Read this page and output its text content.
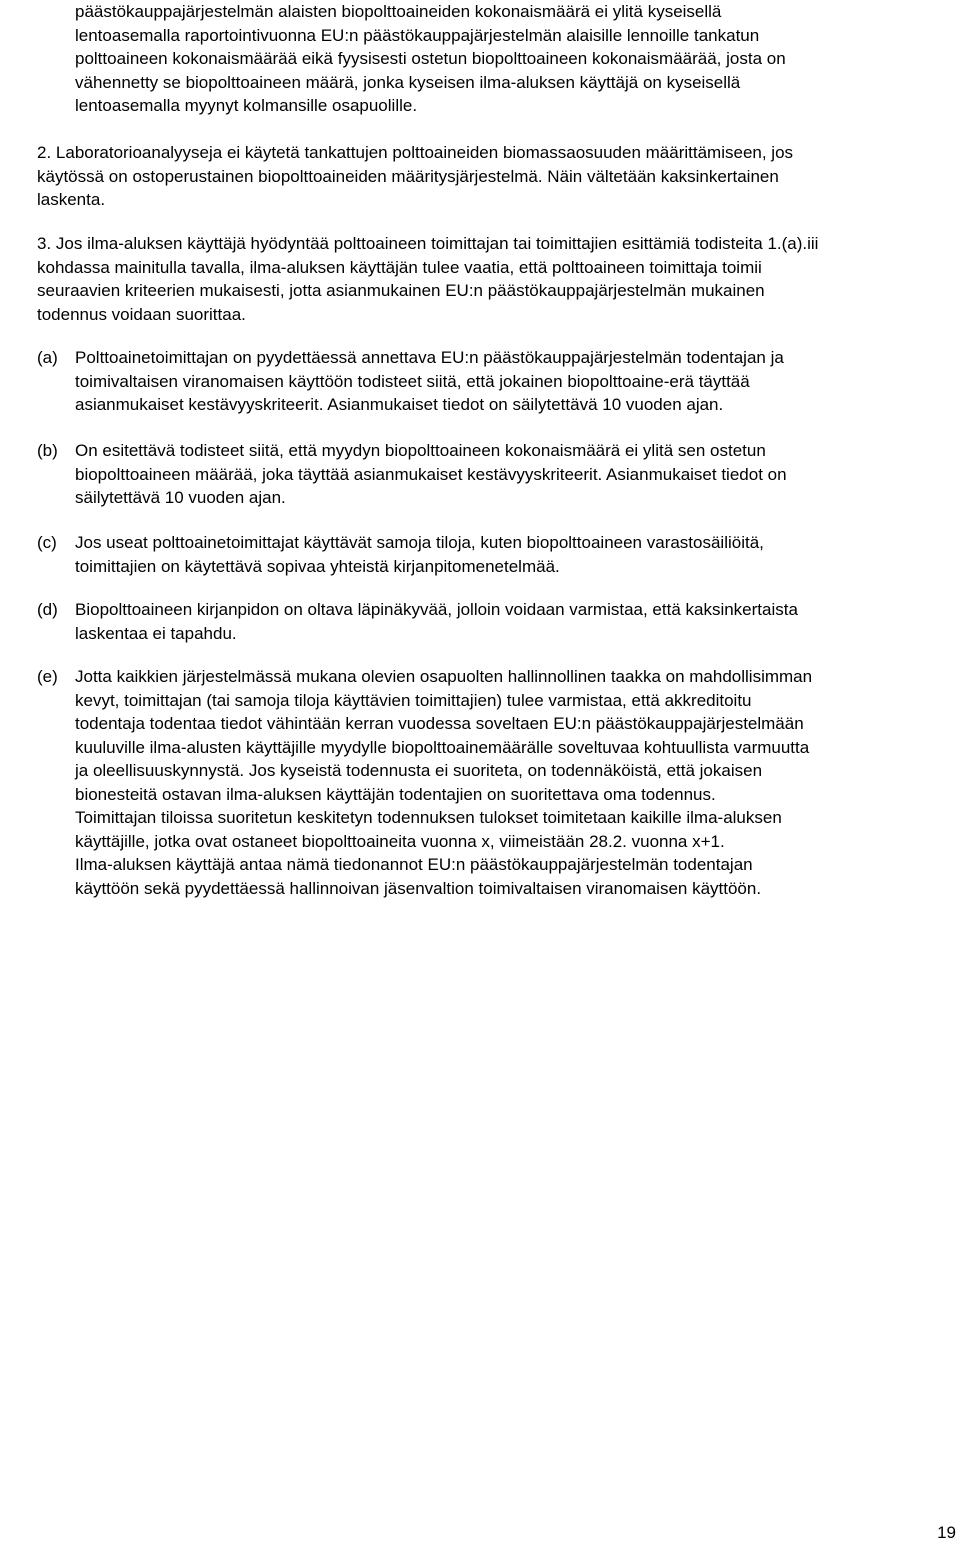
päästökauppajärjestelmän alaisten biopolttoaineiden kokonaismäärä ei ylitä kyseisellä
lentoasemalla raportointivuonna EU:n päästökauppajärjestelmän alaisille lennoille tankatun
polttoaineen kokonaismäärää eikä fyysisesti ostetun biopolttoaineen kokonaismäärää, josta on
vähennetty se biopolttoaineen määrä, jonka kyseisen ilma-aluksen käyttäjä on kyseisellä
lentoasemalla myynyt kolmansille osapuolille.
2. Laboratorioanalyyseja ei käytetä tankattujen polttoaineiden biomassaosuuden määrittämiseen, jos
käytössä on ostoperustainen biopolttoaineiden määritysjärjestelmä. Näin vältetään kaksinkertainen
laskenta.
3. Jos ilma-aluksen käyttäjä hyödyntää polttoaineen toimittajan tai toimittajien esittämiä todisteita 1.(a).iii
kohdassa mainitulla tavalla, ilma-aluksen käyttäjän tulee vaatia, että polttoaineen toimittaja toimii
seuraavien kriteerien mukaisesti, jotta asianmukainen EU:n päästökauppajärjestelmän mukainen
todennus voidaan suorittaa.
(a)	Polttoainetoimittajan on pyydettäessä annettava EU:n päästökauppajärjestelmän todentajan ja
toimivaltaisen viranomaisen käyttöön todisteet siitä, että jokainen biopolttoaine-erä täyttää
asianmukaiset kestävyyskriteerit. Asianmukaiset tiedot on säilytettävä 10 vuoden ajan.
(b)	On esitettävä todisteet siitä, että myydyn biopolttoaineen kokonaismäärä ei ylitä sen ostetun
biopolttoaineen määrää, joka täyttää asianmukaiset kestävyyskriteerit. Asianmukaiset tiedot on
säilytettävä 10 vuoden ajan.
(c)	Jos useat polttoainetoimittajat käyttävät samoja tiloja, kuten biopolttoaineen varastosäiliöitä,
toimittajien on käytettävä sopivaa yhteistä kirjanpitomenetelmää.
(d)	Biopolttoaineen kirjanpidon on oltava läpinäkyvää, jolloin voidaan varmistaa, että kaksinkertaista
laskentaa ei tapahdu.
(e)	Jotta kaikkien järjestelmässä mukana olevien osapuolten hallinnollinen taakka on mahdollisimman
kevyt, toimittajan (tai samoja tiloja käyttävien toimittajien) tulee varmistaa, että akkreditoitu
todentaja todentaa tiedot vähintään kerran vuodessa soveltaen EU:n päästökauppajärjestelmään
kuuluville ilma-alusten käyttäjille myydylle biopolttoainemäärälle soveltuvaa kohtuullista varmuutta
ja oleellisuuskynnystä. Jos kyseistä todennusta ei suoriteta, on todennäköistä, että jokaisen
bionesteitä ostavan ilma-aluksen käyttäjän todentajien on suoritettava oma todennus.
Toimittajan tiloissa suoritetun keskitetyn todennuksen tulokset toimitetaan kaikille ilma-aluksen
käyttäjille, jotka ovat ostaneet biopolttoaineita vuonna x, viimeistään 28.2. vuonna x+1.
Ilma-aluksen käyttäjä antaa nämä tiedonannot EU:n päästökauppajärjestelmän todentajan
käyttöön sekä pyydettäessä hallinnoivan jäsenvaltion toimivaltaisen viranomaisen käyttöön.
19
